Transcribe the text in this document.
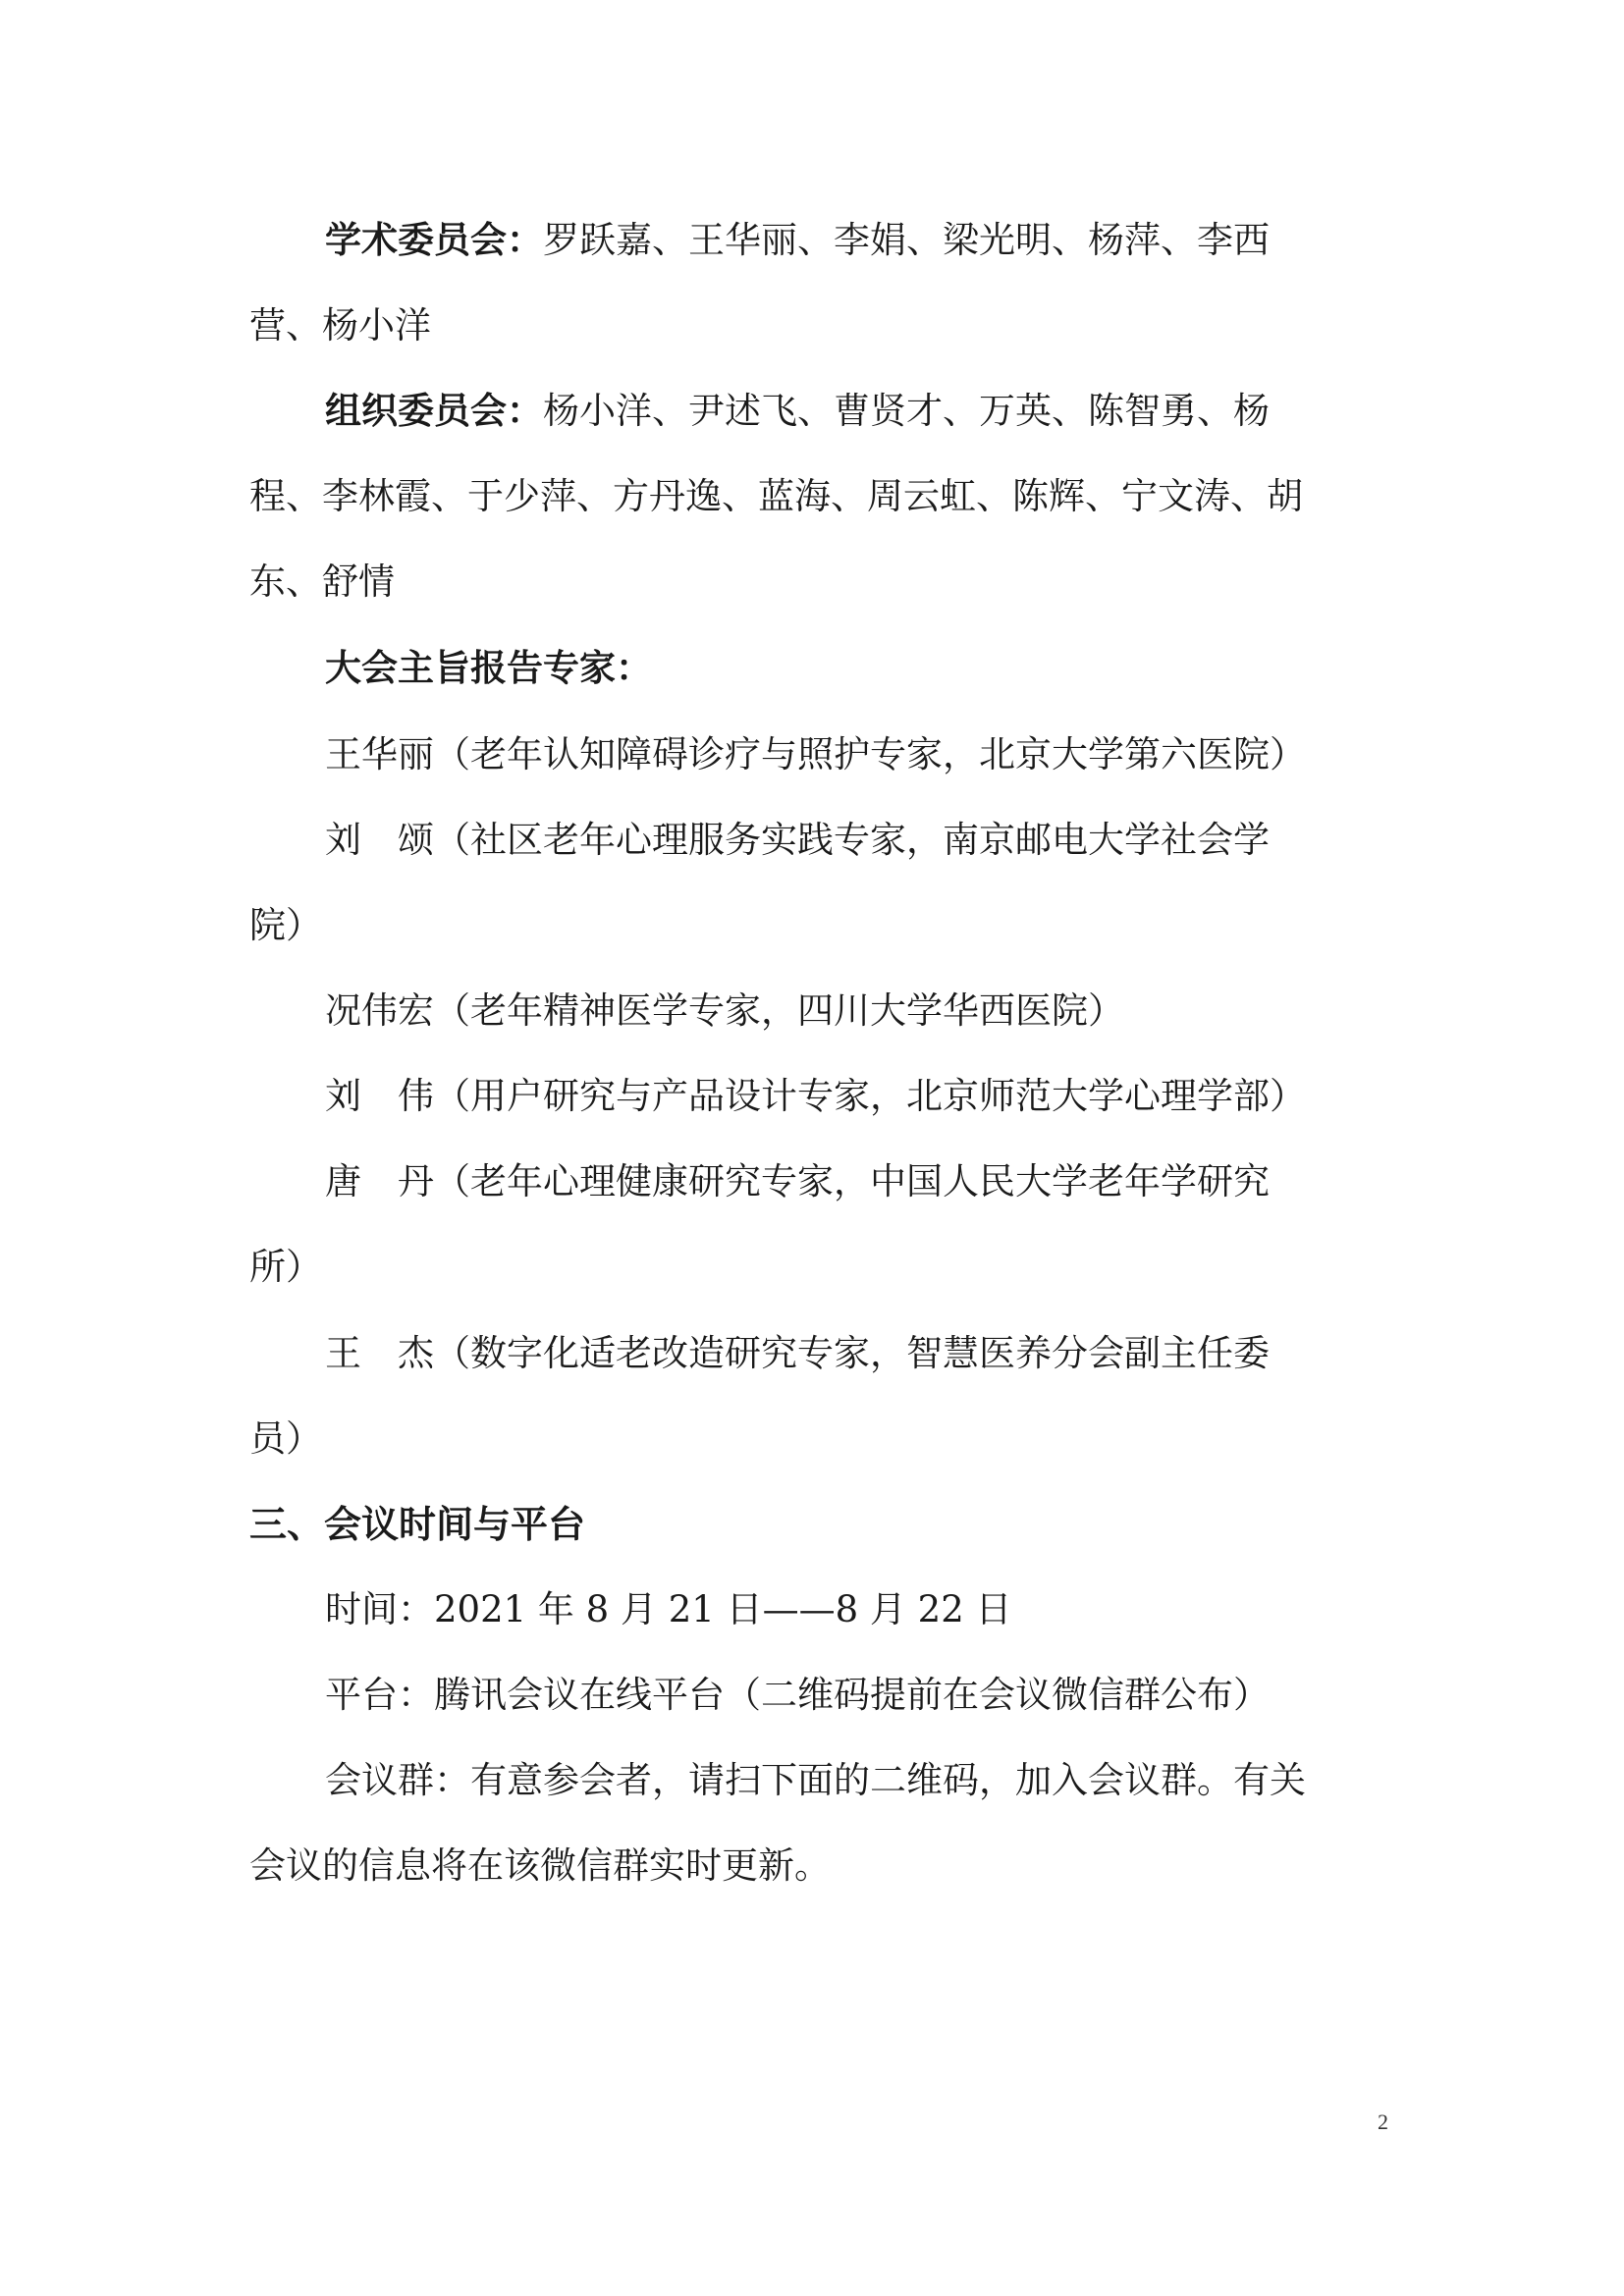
学术委员会：罗跃嘉、王华丽、李娟、梁光明、杨萍、李西
营、杨小洋
组织委员会：杨小洋、尹述飞、曹贤才、万英、陈智勇、杨
程、李林霞、于少萍、方丹逸、蓝海、周云虹、陈辉、宁文涛、胡
东、舒情
大会主旨报告专家：
王华丽（老年认知障碍诊疗与照护专家，北京大学第六医院）
刘　颂（社区老年心理服务实践专家，南京邮电大学社会学
院）
况伟宏（老年精神医学专家，四川大学华西医院）
刘　伟（用户研究与产品设计专家，北京师范大学心理学部）
唐　丹（老年心理健康研究专家，中国人民大学老年学研究
所）
王　杰（数字化适老改造研究专家，智慧医养分会副主任委
员）
三、会议时间与平台
时间：2021 年 8 月 21 日——8 月 22 日
平台：腾讯会议在线平台（二维码提前在会议微信群公布）
会议群：有意参会者，请扫下面的二维码，加入会议群。有关
会议的信息将在该微信群实时更新。
2
